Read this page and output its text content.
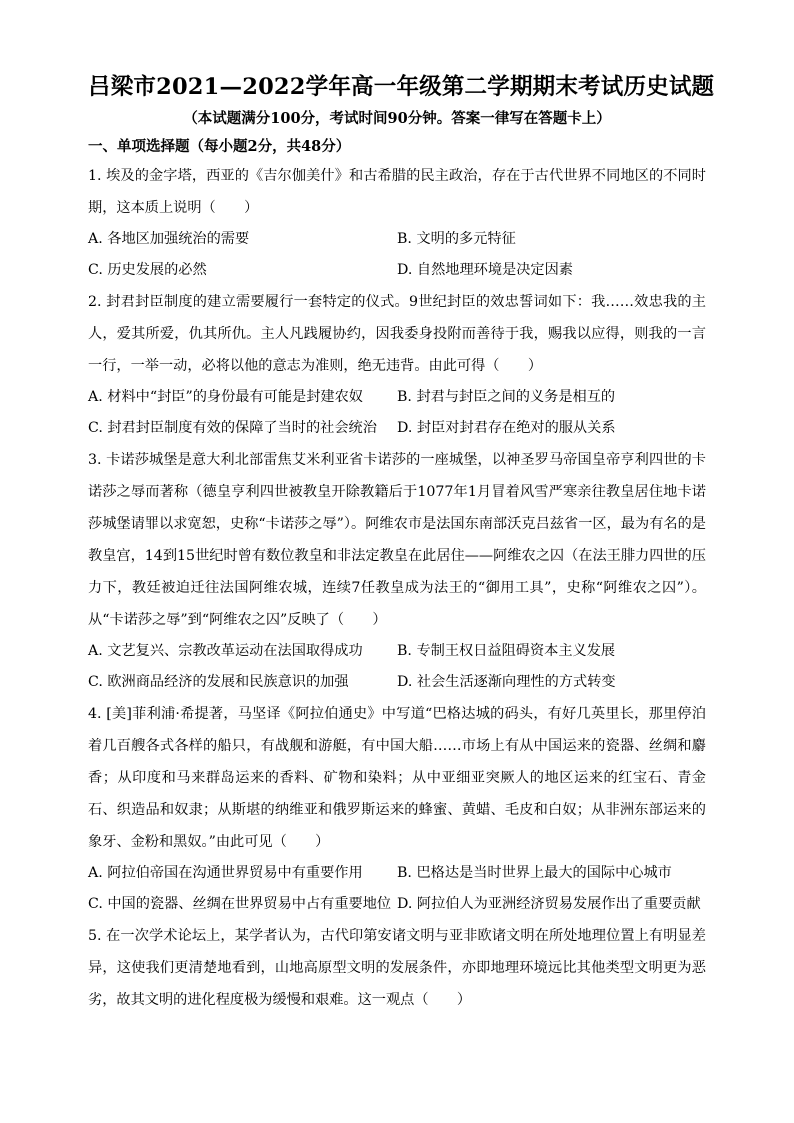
吕梁市2021—2022学年高一年级第二学期期末考试历史试题
（本试题满分100分，考试时间90分钟。答案一律写在答题卡上）
一、单项选择题（每小题2分，共48分）
1. 埃及的金字塔，西亚的《吉尔伽美什》和古希腊的民主政治，存在于古代世界不同地区的不同时期，这本质上说明（　　）
A. 各地区加强统治的需要	B. 文明的多元特征
C. 历史发展的必然	D. 自然地理环境是决定因素
2. 封君封臣制度的建立需要履行一套特定的仪式。9世纪封臣的效忠誓词如下：我……效忠我的主人，爱其所爱，仇其所仇。主人凡践履协约，因我委身投附而善待于我，赐我以应得，则我的一言一行，一举一动，必将以他的意志为准则，绝无违背。由此可得（　　）
A. 材料中“封臣”的身份最有可能是封建农奴	B. 封君与封臣之间的义务是相互的
C. 封君封臣制度有效的保障了当时的社会统治	D. 封臣对封君存在绝对的服从关系
3. 卡诺莎城堡是意大利北部雷焦艾米利亚省卡诺莎的一座城堡，以神圣罗马帝国皇帝亨利四世的卡诺莎之辱而著称（德皇亨利四世被教皇开除教籍后于1077年1月冒着风雪严寒亲往教皇居住地卡诺莎城堡请罪以求宽恕，史称“卡诺莎之辱”）。阿维农市是法国东南部沃克吕兹省一区，最为有名的是教皇宫，14到15世纪时曾有数位教皇和非法定教皇在此居住——阿维农之囚（在法王腓力四世的压力下，教廷被迫迁往法国阿维农城，连续7任教皇成为法王的“御用工具”，史称“阿维农之囚”）。从“卡诺莎之辱”到“阿维农之囚”反映了（　　）
A. 文艺复兴、宗教改革运动在法国取得成功	B. 专制王权日益阻碍资本主义发展
C. 欧洲商品经济的发展和民族意识的加强	D. 社会生活逐渐向理性的方式转变
4. [美]菲利浦·希提著，马坚译《阿拉伯通史》中写道“巴格达城的码头，有好几英里长，那里停泊着几百艘各式各样的船只，有战舰和游艇，有中国大船……市场上有从中国运来的瓷器、丝绸和麝香；从印度和马来群岛运来的香料、矿物和染料；从中亚细亚突厥人的地区运来的红宝石、青金石、织造品和奴隶；从斯堪的纳维亚和俄罗斯运来的蜂蜜、黄蜡、毛皮和白奴；从非洲东部运来的象牙、金粉和黑奴。”由此可见（　　）
A. 阿拉伯帝国在沟通世界贸易中有重要作用	B. 巴格达是当时世界上最大的国际中心城市
C. 中国的瓷器、丝绸在世界贸易中占有重要地位 D. 阿拉伯人为亚洲经济贸易发展作出了重要贡献
5. 在一次学术论坛上，某学者认为，古代印第安诸文明与亚非欧诸文明在所处地理位置上有明显差异，这使我们更清楚地看到，山地高原型文明的发展条件，亦即地理环境远比其他类型文明更为恶劣，故其文明的进化程度极为缓慢和艰难。这一观点（　　）
